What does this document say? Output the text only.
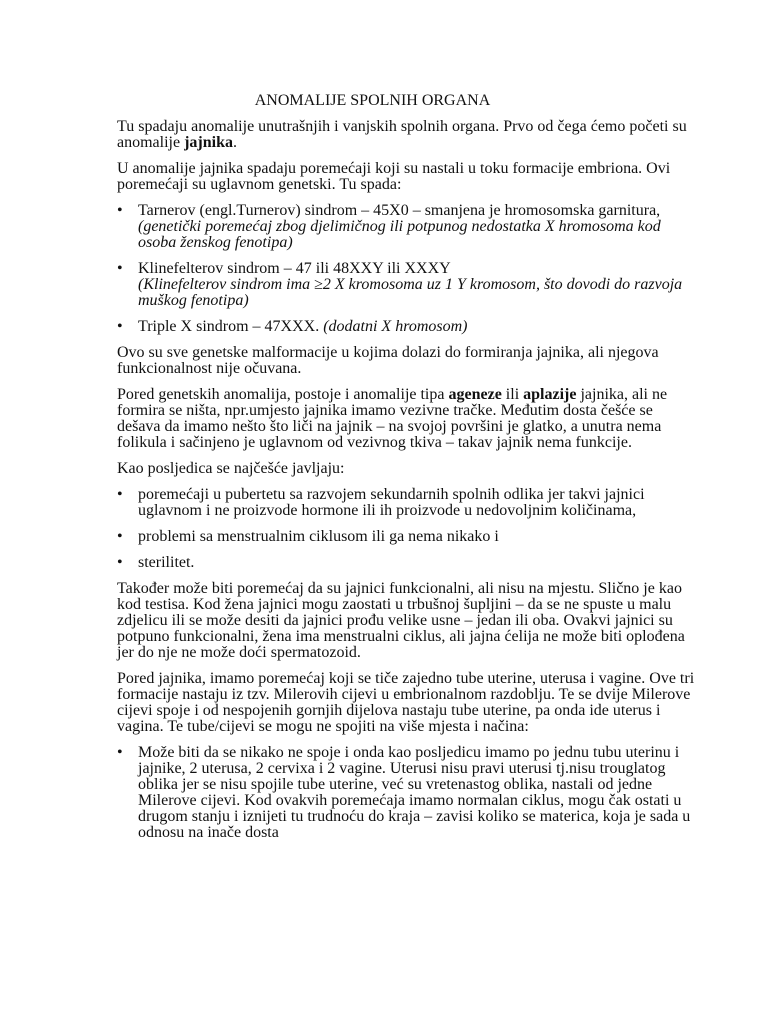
ANOMALIJE SPOLNIH ORGANA

Tu spadaju anomalije unutrašnjih i vanjskih spolnih organa. Prvo od čega ćemo početi su anomalije jajnika.

U anomalije jajnika spadaju poremećaji koji su nastali u toku formacije embriona. Ovi poremećaji su uglavnom genetski. Tu spada:

• Tarnerov (engl.Turnerov) sindrom – 45X0 – smanjena je hromosomska garnitura,
(genetički poremećaj zbog djelimičnog ili potpunog nedostatka X hromosoma kod osoba ženskog fenotipa)
• Klinefelterov sindrom – 47 ili 48XXY ili XXXY
(Klinefelterov sindrom ima ≥2 X kromosoma uz 1 Y kromosom, što dovodi do razvoja muškog fenotipa)
• Triple X sindrom – 47XXX. (dodatni X hromosom)

Ovo su sve genetske malformacije u kojima dolazi do formiranja jajnika, ali njegova funkcionalnost nije očuvana.

Pored genetskih anomalija, postoje i anomalije tipa ageneze ili aplazije jajnika, ali ne formira se ništa, npr.umjesto jajnika imamo vezivne tračke. Međutim dosta češće se dešava da imamo nešto što liči na jajnik – na svojoj površini je glatko, a unutra nema folikula i sačinjeno je uglavnom od vezivnog tkiva – takav jajnik nema funkcije.

Kao posljedica se najčešće javljaju:

• poremećaji u pubertetu sa razvojem sekundarnih spolnih odlika jer takvi jajnici uglavnom i ne proizvode hormone ili ih proizvode u nedovoljnim količinama,
• problemi sa menstrualnim ciklusom ili ga nema nikako i
• sterilitet.

Također može biti poremećaj da su jajnici funkcionalni, ali nisu na mjestu. Slično je kao kod testisa. Kod žena jajnici mogu zaostati u trbušnoj šupljini – da se ne spuste u malu zdjelicu ili se može desiti da jajnici prođu velike usne – jedan ili oba. Ovakvi jajnici su potpuno funkcionalni, žena ima menstrualni ciklus, ali jajna ćelija ne može biti oplođena jer do nje ne može doći spermatozoid.

Pored jajnika, imamo poremećaj koji se tiče zajedno tube uterine, uterusa i vagine. Ove tri formacije nastaju iz tzv. Milerovih cijevi u embrionalnom razdoblju. Te se dvije Milerove cijevi spoje i od nespojenih gornjih dijelova nastaju tube uterine, pa onda ide uterus i vagina. Te tube/cijevi se mogu ne spojiti na više mjesta i načina:

• Može biti da se nikako ne spoje i onda kao posljedicu imamo po jednu tubu uterinu i jajnike, 2 uterusa, 2 cervixa i 2 vagine. Uterusi nisu pravi uterusi tj.nisu trouglatog oblika jer se nisu spojile tube uterine, već su vretenastog oblika, nastali od jedne Milerove cijevi. Kod ovakvih poremećaja imamo normalan ciklus, mogu čak ostati u drugom stanju i iznijeti tu trudnoću do kraja – zavisi koliko se materica, koja je sada u odnosu na inače dosta
